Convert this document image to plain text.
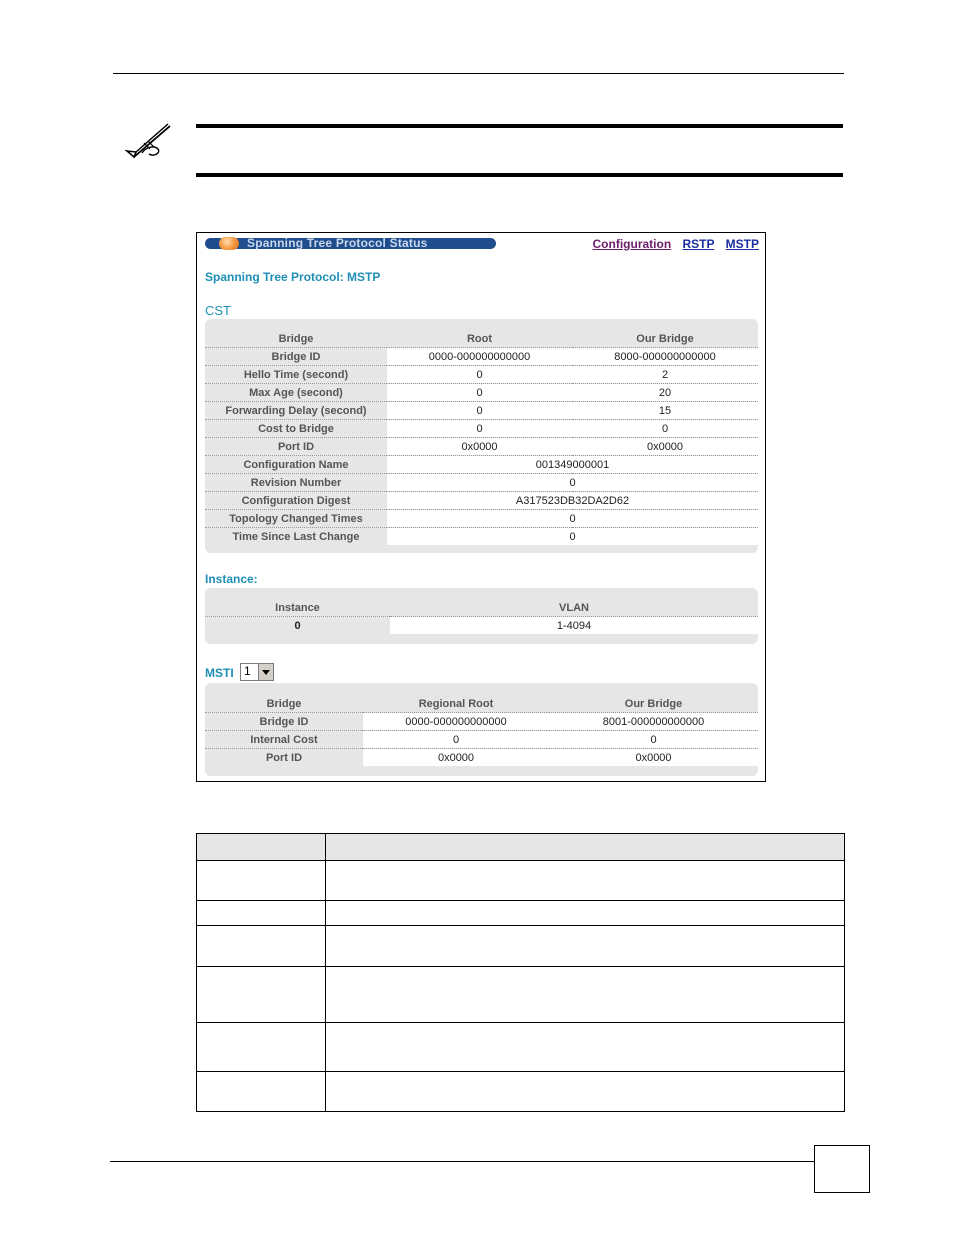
Spanning Tree Protocol Status	Configuration RSTP MSTP
Spanning Tree Protocol: MSTP
CST
Bridge	Root	Our Bridge
Bridge ID	0000-000000000000	8000-000000000000
Hello Time (second)	0	2
Max Age (second)	0	20
Forwarding Delay (second)	0	15
Cost to Bridge	0	0
Port ID	0x0000	0x0000
Configuration Name	001349000001	
Revision Number	0	
Configuration Digest	A317523DB32DA2D62	
Topology Changed Times	0	
Time Since Last Change	0	
Instance:
Instance	VLAN
0	1-4094
MSTI 1
Bridge	Regional Root	Our Bridge
Bridge ID	0000-000000000000	8001-000000000000
Internal Cost	0	0
Port ID	0x0000	0x0000
